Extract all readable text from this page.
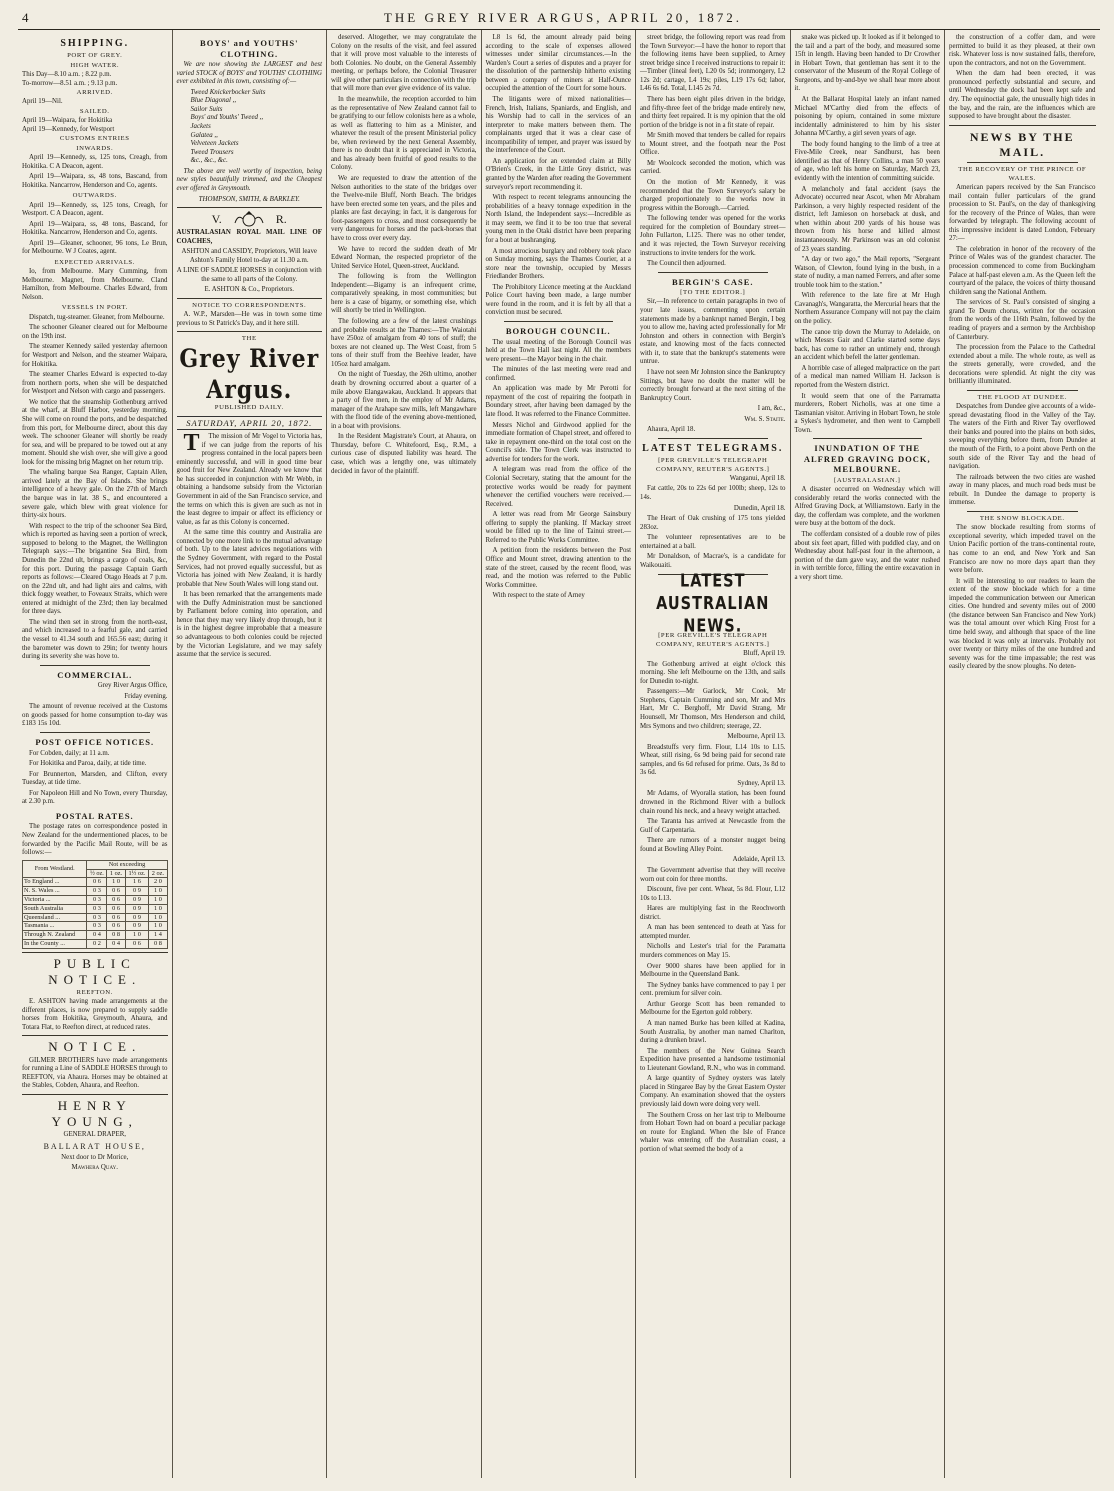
4	THE GREY RIVER ARGUS, APRIL 20, 1872.
SHIPPING.
PORT OF GREY.
HIGH WATER.

This Day—8.10 a.m. ; 8.22 p.m.

To-morrow—8.51 a.m. ; 9.13 p.m.

ARRIVED.

April 19—Nil.

SAILED.

April 19—Waipara, for Hokitika

April 19—Kennedy, for Westport

CUSTOMS ENTRIES
INWARDS.

April 19—Kennedy, ss, 125 tons, Creagh, from Hokitika. C A Deacon, agent.

April 19—Waipara, ss, 48 tons, Bascand, from Hokitika. Nancarrow, Henderson and Co, agents.

OUTWARDS.

April 19—Kennedy, ss, 125 tons, Creagh, for Westport. C A Deacon, agent.

April 19—Waipara, ss, 48 tons, Bascand, for Hokitika. Nancarrow, Henderson and Co, agents.

April 19—Gleaner, schooner, 96 tons, Le Brun, for Melbourne. W J Coates, agent.

EXPECTED ARRIVALS.

Io, from Melbourne. Mary Cumming, from Melbourne. Magnet, from Melbourne. Cland Hamilton, from Melbourne. Charles Edward, from Nelson.

VESSELS IN PORT.

Dispatch, tug-steamer. Gleaner, from Melbourne.

The schooner Gleaner cleared out for Melbourne on the 19th inst.

The steamer Kennedy sailed yesterday afternoon for Westport and Nelson, and the steamer Waipara, for Hokitika.

The steamer Charles Edward is expected to-day from northern ports, when she will be despatched for Westport and Nelson with cargo and passengers.

We notice that the steamship Gothenburg arrived at the wharf, at Bluff Harbor, yesterday morning. She will come on round the ports, and be despatched from this port, for Melbourne direct, about this day week. The schooner Gleaner will shortly be ready for sea, and will be prepared to be towed out at any moment. Should she wish over, she will give a good look for the missing brig Magnet on her return trip.

The whaling barque Sea Ranger, Captain Allen, arrived lately at the Bay of Islands. She brings intelligence of a heavy gale. On the 27th of March the barque was in lat. 38 S., and encountered a severe gale, which blew with great violence for thirty-six hours.

With respect to the trip of the schooner Sea Bird, which is reported as having seen a portion of wreck, supposed to belong to the Magnet, the Wellington Telegraph says:—The brigantine Sea Bird, from Dunedin the 22nd ult, brings a cargo of coals, &c, for this port. During the passage Captain Garth reports as follows:—Cleared Otago Heads at 7 p.m. on the 22nd ult, and had light airs and calms, with thick foggy weather, to Foveaux Straits, which were entered at midnight of the 23rd; then lay becalmed for three days.

The wind then set in strong from the north-east, and which increased to a fearful gale, and carried the vessel to 41.34 south and 165.56 east; during it the barometer was down to 29in; for twenty hours during its severity she was hove to.

COMMERCIAL.

Grey River Argus Office,

Friday evening.

The amount of revenue received at the Customs on goods passed for home consumption to-day was £183 15s 10d.

POST OFFICE NOTICES.

For Cobden, daily; at 11 a.m.

For Hokitika and Paroa, daily, at tide time.

For Brunnerton, Marsden, and Clifton, every Tuesday, at tide time.

For Napoleon Hill and No Town, every Thursday, at 2.30 p.m.

POSTAL RATES.

The postage rates on correspondence posted in New Zealand for the undermentioned places, to be forwarded by the Pacific Mail Route, will be as follows:—

From Westland.	Not exceeding			
	½ oz.	1 oz.	1½ oz.	2 oz.
To England ...	0 6	1 0	1 6	2 0
N. S. Wales ...	0 3	0 6	0 9	1 0
Victoria ...	0 3	0 6	0 9	1 0
South Australia	0 3	0 6	0 9	1 0
Queensland ...	0 3	0 6	0 9	1 0
Tasmania ...	0 3	0 6	0 9	1 0
Through N. Zealand	0 4	0 8	1 0	1 4
In the County ...	0 2	0 4	0 6	0 8
PUBLIC NOTICE.
REEFTON.

E. ASHTON having made arrangements at the different places, is now prepared to supply saddle horses from Hokitika, Greymouth, Ahaura, and Totara Flat, to Reefton direct, at reduced rates.

NOTICE.

GILMER BROTHERS have made arrangements for running a Line of SADDLE HORSES through to REEFTON, via Ahaura. Horses may be obtained at the Stables, Cobden, Ahaura, and Reefton.

HENRY YOUNG,

GENERAL DRAPER,

BALLARAT HOUSE,

Next door to Dr Morice,

Mawhera Quay.

BOYS' and YOUTHS' CLOTHING.

We are now showing the LARGEST and best varied STOCK of BOYS' and YOUTHS' CLOTHING ever exhibited in this town, consisting of:—

Tweed Knickerbocker Suits
Blue Diagonal ,,
Sailor Suits
Boys' and Youths' Tweed ,,
Jackets
Galatea ,,
Velveteen Jackets
Tweed Trousers
&c., &c., &c.

The above are well worthy of inspection, being new styles beautifully trimmed, and the Cheapest ever offered in Greymouth.

THOMPSON, SMITH, & BARKLEY.

V.	R.

AUSTRALASIAN ROYAL MAIL LINE OF COACHES,

ASHTON and CASSIDY, Proprietors, Will leave Ashton's Family Hotel to-day at 11.30 a.m.

A LINE OF SADDLE HORSES in conjunction with the same to all parts of the Colony.

E. ASHTON & Co., Proprietors.

NOTICE TO CORRESPONDENTS.

A. W.P., Marsden—He was in town some time previous to St Patrick's Day, and it here still.

THE
Grey River Argus.
PUBLISHED DAILY.
SATURDAY, APRIL 20, 1872.

T The mission of Mr Vogel to Victoria has, if we can judge from the reports of his progress contained in the local papers been eminently successful, and will in good time bear good fruit for New Zealand. Already we know that he has succeeded in conjunction with Mr Webb, in obtaining a handsome subsidy from the Victorian Government in aid of the San Francisco service, and the terms on which this is given are such as not in the least degree to impair or affect its efficiency or value, as far as this Colony is concerned.

At the same time this country and Australia are connected by one more link to the mutual advantage of both. Up to the latest advices negotiations with the Sydney Government, with regard to the Postal Services, had not proved equally successful, but as Victoria has joined with New Zealand, it is hardly probable that New South Wales will long stand out.

It has been remarked that the arrangements made with the Duffy Administration must be sanctioned by Parliament before coming into operation, and hence that they may very likely drop through, but it is in the highest degree improbable that a measure so advantageous to both colonies could be rejected by the Victorian Legislature, and we may safely assume that the service is secured.

deserved. Altogether, we may congratulate the Colony on the results of the visit, and feel assured that it will prove most valuable to the interests of both Colonies. No doubt, on the General Assembly meeting, or perhaps before, the Colonial Treasurer will give other particulars in connection with the trip that will more than ever give evidence of its value.

In the meanwhile, the reception accorded to him as the representative of New Zealand cannot fail to be gratifying to our fellow colonists here as a whole, as well as flattering to him as a Minister, and whatever the result of the present Ministerial policy be, when reviewed by the next General Assembly, there is no doubt that it is appreciated in Victoria, and has already been fruitful of good results to the Colony.

We are requested to draw the attention of the Nelson authorities to the state of the bridges over the Twelve-mile Bluff, North Beach. The bridges have been erected some ten years, and the piles and planks are fast decaying; in fact, it is dangerous for foot-passengers to cross, and most consequently be very dangerous for horses and the pack-horses that have to cross over every day.

We have to record the sudden death of Mr Edward Norman, the respected proprietor of the United Service Hotel, Queen-street, Auckland.

The following is from the Wellington Independent:—Bigamy is an infrequent crime, comparatively speaking, in most communities; but here is a case of bigamy, or something else, which will shortly be tried in Wellington.

The following are a few of the latest crushings and probable results at the Thames:—The Waiotahi have 250oz of amalgam from 40 tons of stuff; the boxes are not cleaned up. The West Coast, from 5 tons of their stuff from the Beehive leader, have 105oz hard amalgam.

On the night of Tuesday, the 26th ultimo, another death by drowning occurred about a quarter of a mile above Elangawakau, Auckland. It appears that a party of five men, in the employ of Mr Adams, manager of the Arahape saw mills, left Mangawhare with the flood tide of the evening above-mentioned, in a boat with provisions.

In the Resident Magistrate's Court, at Ahaura, on Thursday, before C. Whitefoord, Esq., R.M., a curious case of disputed liability was heard. The case, which was a lengthy one, was ultimately decided in favor of the plaintiff.

L8 1s 6d, the amount already paid being according to the scale of expenses allowed witnesses under similar circumstances.—In the Warden's Court a series of disputes and a prayer for the dissolution of the partnership hitherto existing between a company of miners at Half-Ounce occupied the attention of the Court for some hours.

The litigants were of mixed nationalities—French, Irish, Italians, Spaniards, and English, and his Worship had to call in the services of an interpreter to make matters between them. The complainants urged that it was a clear case of incompatibility of temper, and prayer was issued by the interference of the Court.

An application for an extended claim at Billy O'Brien's Creek, in the Little Grey district, was granted by the Warden after reading the Government surveyor's report recommending it.

With respect to recent telegrams announcing the probabilities of a heavy tonnage expedition in the North Island, the Independent says:—Incredible as it may seem, we find it to be too true that several young men in the Otaki district have been preparing for a bout at bushranging.

A most atrocious burglary and robbery took place on Sunday morning, says the Thames Courier, at a store near the township, occupied by Messrs Friedlander Brothers.

The Prohibitory Licence meeting at the Auckland Police Court having been made, a large number were found in the room, and it is felt by all that a conviction must be secured.

BOROUGH COUNCIL.

The usual meeting of the Borough Council was held at the Town Hall last night. All the members were present—the Mayor being in the chair.

The minutes of the last meeting were read and confirmed.

An application was made by Mr Perotti for repayment of the cost of repairing the footpath in Boundary street, after having been damaged by the late flood. It was referred to the Finance Committee.

Messrs Nichol and Girdwood applied for the immediate formation of Chapel street, and offered to take in repayment one-third on the total cost on the Council's side. The Town Clerk was instructed to advertise for tenders for the work.

A telegram was read from the office of the Colonial Secretary, stating that the amount for the protective works would be ready for payment whenever the certified vouchers were received.—Received.

A letter was read from Mr George Sainsbury offering to supply the planking. If Mackay street would be filled up to the line of Tainui street.—Referred to the Public Works Committee.

A petition from the residents between the Post Office and Mount street, drawing attention to the state of the street, caused by the recent flood, was read, and the motion was referred to the Public Works Committee.

With respect to the state of Arney

street bridge, the following report was read from the Town Surveyor:—I have the honor to report that the following items have been supplied, to Arney street bridge since I received instructions to repair it:—Timber (lineal feet), L20 0s 5d; ironmongery, L2 12s 2d; cartage, L4 19s; piles, L19 17s 6d; labor, L46 6s 6d. Total, L145 2s 7d.

There has been eight piles driven in the bridge, and fifty-three feet of the bridge made entirely new, and thirty feet repaired. It is my opinion that the old portion of the bridge is not in a fit state of repair.

Mr Smith moved that tenders be called for repairs to Mount street, and the footpath near the Post Office.

Mr Woolcock seconded the motion, which was carried.

On the motion of Mr Kennedy, it was recommended that the Town Surveyor's salary be charged proportionately to the works now in progress within the Borough.—Carried.

The following tender was opened for the works required for the completion of Boundary street—John Fullarton, L125. There was no other tender, and it was rejected, the Town Surveyor receiving instructions to invite tenders for the work.

The Council then adjourned.

BERGIN'S CASE.
[TO THE EDITOR.]

Sir,—In reference to certain paragraphs in two of your late issues, commenting upon certain statements made by a bankrupt named Bergin, I beg you to allow me, having acted professionally for Mr Johnston and others in connection with Bergin's estate, and knowing most of the facts connected with it, to state that the bankrupt's statements were untrue.

I have not seen Mr Johnston since the Bankruptcy Sittings, but have no doubt the matter will be correctly brought forward at the next sitting of the Bankruptcy Court.

I am, &c.,

Wm. S. Staite.

Ahaura, April 18.

LATEST TELEGRAMS.
[PER GREVILLE'S TELEGRAPH COMPANY, REUTER'S AGENTS.]

Wanganui, April 18.

Fat cattle, 20s to 22s 6d per 100lb; sheep, 12s to 14s.

Dunedin, April 18.

The Heart of Oak crushing of 175 tons yielded 283oz.

The volunteer representatives are to be entertained at a ball.

Mr Donaldson, of Macrae's, is a candidate for Waikouaiti.

LATEST AUSTRALIAN NEWS.
[PER GREVILLE'S TELEGRAPH COMPANY, REUTER'S AGENTS.]

Bluff, April 19.

The Gothenburg arrived at eight o'clock this morning. She left Melbourne on the 13th, and sails for Dunedin to-night.

Passengers:—Mr Garlock, Mr Cook, Mr Stephens, Captain Cumming and son, Mr and Mrs Hart, Mr C. Berghoff, Mr David Strang, Mr Hounsell, Mr Thomson, Mrs Henderson and child, Mrs Symons and two children; steerage, 22.

Melbourne, April 13.

Breadstuffs very firm. Flour, L14 10s to L15. Wheat, still rising, 6s 9d being paid for second rate samples, and 6s 6d refused for prime. Oats, 3s 8d to 3s 6d.

Sydney, April 13.

Mr Adams, of Wyoralla station, has been found drowned in the Richmond River with a bullock chain round his neck, and a heavy weight attached.

The Taranta has arrived at Newcastle from the Gulf of Carpentaria.

There are rumors of a monster nugget being found at Bowling Alley Point.

Adelaide, April 13.

The Government advertise that they will receive worn out coin for three months.

Discount, five per cent. Wheat, 5s 8d. Flour, L12 10s to L13.

Hares are multiplying fast in the Reochworth district.

A man has been sentenced to death at Yass for attempted murder.

Nicholls and Lester's trial for the Paramatta murders commences on May 15.

Over 9000 shares have been applied for in Melbourne in the Queensland Bank.

The Sydney banks have commenced to pay 1 per cent. premium for silver coin.

Arthur George Scott has been remanded to Melbourne for the Egerton gold robbery.

A man named Burke has been killed at Kadina, South Australia, by another man named Charlton, during a drunken brawl.

The members of the New Guinea Search Expedition have presented a handsome testimonial to Lieutenant Gowland, R.N., who was in command.

A large quantity of Sydney oysters was lately placed in Stingaree Bay by the Great Eastern Oyster Company. An examination showed that the oysters previously laid down were doing very well.

The Southern Cross on her last trip to Melbourne from Hobart Town had on board a peculiar package en route for England. When the Isle of France whaler was entering off the Australian coast, a portion of what seemed the body of a

snake was picked up. It looked as if it belonged to the tail and a part of the body, and measured some 15ft in length. Having been handed to Dr Crowther in Hobart Town, that gentleman has sent it to the conservator of the Museum of the Royal College of Surgeons, and by-and-bye we shall hear more about it.

At the Ballarat Hospital lately an infant named Michael M'Carthy died from the effects of poisoning by opium, contained in some mixture incidentally administered to him by his sister Johanna M'Carthy, a girl seven years of age.

The body found hanging to the limb of a tree at Five-Mile Creek, near Sandhurst, has been identified as that of Henry Collins, a man 50 years of age, who left his home on Saturday, March 23, evidently with the intention of committing suicide.

A melancholy and fatal accident (says the Advocate) occurred near Ascot, when Mr Abraham Parkinson, a very highly respected resident of the district, left Jamieson on horseback at dusk, and when within about 200 yards of his house was thrown from his horse and killed almost instantaneously. Mr Parkinson was an old colonist of 23 years standing.

"A day or two ago," the Mail reports, "Sergeant Watson, of Clewton, found lying in the bush, in a state of nudity, a man named Ferrers, and after some trouble took him to the station."

With reference to the late fire at Mr Hugh Cavanagh's, Wangaratta, the Mercurial hears that the Northern Assurance Company will not pay the claim on the policy.

The canoe trip down the Murray to Adelaide, on which Messrs Gair and Clarke started some days back, has come to rather an untimely end, through an accident which befell the latter gentleman.

A horrible case of alleged malpractice on the part of a medical man named William H. Jackson is reported from the Western district.

It would seem that one of the Parramatta murderers, Robert Nicholls, was at one time a Tasmanian visitor. Arriving in Hobart Town, he stole a Sykes's hydrometer, and then went to Campbell Town.

INUNDATION OF THE ALFRED GRAVING DOCK, MELBOURNE.
[AUSTRALASIAN.]

A disaster occurred on Wednesday which will considerably retard the works connected with the Alfred Graving Dock, at Williamstown. Early in the day, the cofferdam was complete, and the workmen were busy at the bottom of the dock.

The cofferdam consisted of a double row of piles about six feet apart, filled with puddled clay, and on Wednesday about half-past four in the afternoon, a portion of the dam gave way, and the water rushed in with terrible force, filling the entire excavation in a very short time.

the construction of a coffer dam, and were permitted to build it as they pleased, at their own risk. Whatever loss is now sustained falls, therefore, upon the contractors, and not on the Government.

When the dam had been erected, it was pronounced perfectly substantial and secure, and until Wednesday the dock had been kept safe and dry. The equinoctial gale, the unusually high tides in the bay, and the rain, are the influences which are supposed to have brought about the disaster.

NEWS BY THE MAIL.
THE RECOVERY OF THE PRINCE OF WALES.

American papers received by the San Francisco mail contain fuller particulars of the grand procession to St. Paul's, on the day of thanksgiving for the recovery of the Prince of Wales, than were forwarded by telegraph. The following account of this impressive incident is dated London, February 27:—

The celebration in honor of the recovery of the Prince of Wales was of the grandest character. The procession commenced to come from Buckingham Palace at half-past eleven a.m. As the Queen left the courtyard of the palace, the voices of thirty thousand children sang the National Anthem.

The services of St. Paul's consisted of singing a grand Te Deum chorus, written for the occasion from the words of the 116th Psalm, followed by the reading of prayers and a sermon by the Archbishop of Canterbury.

The procession from the Palace to the Cathedral extended about a mile. The whole route, as well as the streets generally, were crowded, and the decorations were splendid. At night the city was brilliantly illuminated.

THE FLOOD AT DUNDEE.

Despatches from Dundee give accounts of a wide-spread devastating flood in the Valley of the Tay. The waters of the Firth and River Tay overflowed their banks and poured into the plains on both sides, sweeping everything before them, from Dundee at the mouth of the Firth, to a point above Perth on the south side of the River Tay and the head of navigation.

The railroads between the two cities are washed away in many places, and much road beds must be rebuilt. In Dundee the damage to property is immense.

THE SNOW BLOCKADE.

The snow blockade resulting from storms of exceptional severity, which impeded travel on the Union Pacific portion of the trans-continental route, has come to an end, and New York and San Francisco are now no more days apart than they were before.

It will be interesting to our readers to learn the extent of the snow blockade which for a time impeded the communication between our American cities. One hundred and seventy miles out of 2000 (the distance between San Francisco and New York) was the total amount over which King Frost for a time held sway, and although that space of the line was blocked it was only at intervals. Probably not over twenty or thirty miles of the one hundred and seventy was for the time impassable; the rest was easily cleared by the snow ploughs. No deten-
